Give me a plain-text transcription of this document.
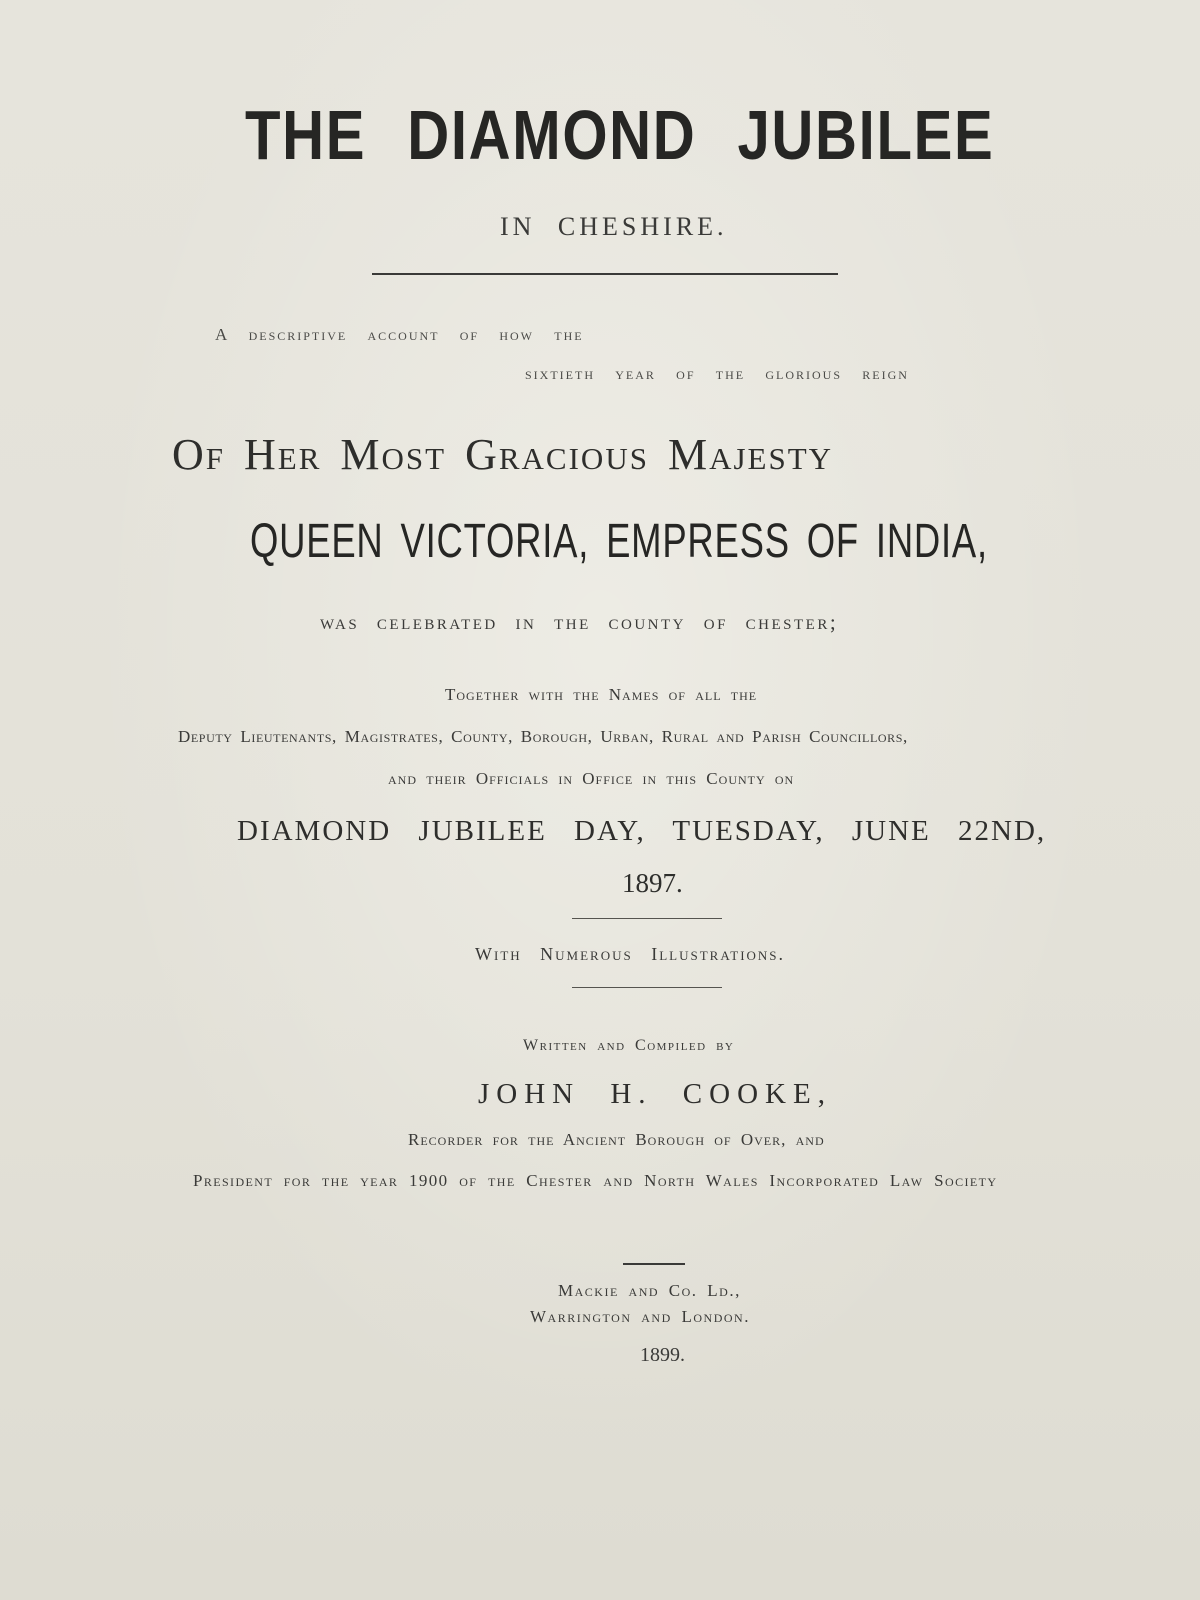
THE DIAMOND JUBILEE
IN CHESHIRE.
A descriptive account of how the
sixtieth year of the glorious reign
Of Her Most Gracious Majesty
QUEEN VICTORIA, EMPRESS OF INDIA,
was celebrated in the county of chester;
Together with the Names of all the
Deputy Lieutenants, Magistrates, County, Borough, Urban, Rural and Parish Councillors,
and their Officials in Office in this County on
DIAMOND JUBILEE DAY, TUESDAY, JUNE 22ND,
1897.
With Numerous Illustrations.
Written and Compiled by
JOHN H. COOKE,
Recorder for the Ancient Borough of Over, and
President for the year 1900 of the Chester and North Wales Incorporated Law Society
Mackie and Co. Ld.,
Warrington and London.
1899.
